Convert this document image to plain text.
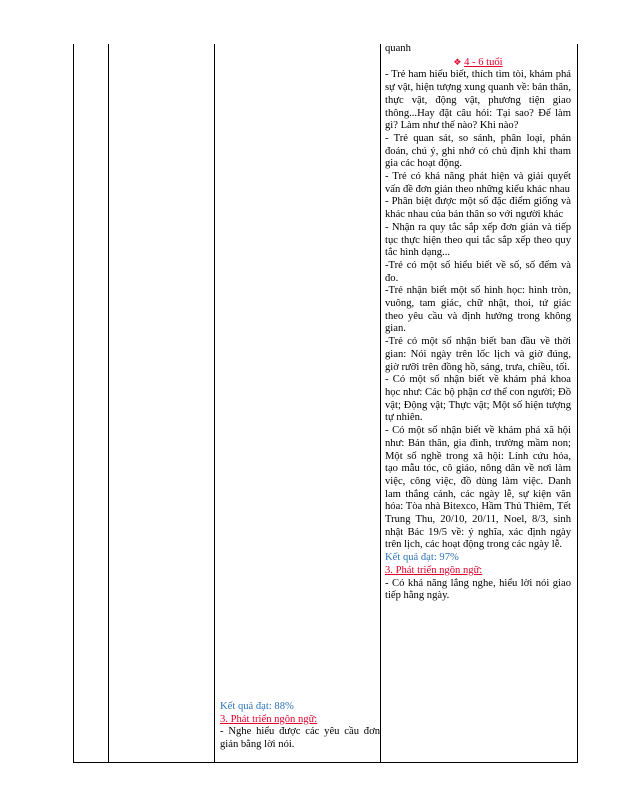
quanh

❖ 4 - 6 tuổi

- Trẻ ham hiểu biết, thích tìm tòi, khám phá sự vật, hiện tượng xung quanh về: bản thân, thực vật, động vật, phương tiện giao thông...Hay đặt câu hỏi: Tại sao? Để làm gì? Làm như thế nào? Khi nào?

- Trẻ quan sát, so sánh, phân loại, phán đoán, chú ý, ghi nhớ có chủ định khi tham gia các hoạt động.

- Trẻ có khả năng phát hiện và giải quyết vấn đề đơn giản theo những kiểu khác nhau

- Phân biệt được một số đặc điểm giống và khác nhau của bản thân so với người khác

- Nhận ra quy tắc sắp xếp đơn giản và tiếp tục thực hiện theo qui tắc sắp xếp theo quy tắc hình dạng...

-Trẻ có một số hiểu biết về số, số đếm và đo.

-Trẻ nhận biết một số hình học: hình tròn, vuông, tam giác, chữ nhật, thoi, tứ giác theo yêu cầu và định hướng trong không gian.

-Trẻ có một số nhận biết ban đầu về thời gian: Nói ngày trên lốc lịch và giờ đúng, giờ rưỡi trên đồng hồ, sáng, trưa, chiều, tối.

- Có một số nhận biết về khám phá khoa học như: Các bộ phận cơ thể con người; Đồ vật; Động vật; Thực vật; Một số hiện tượng tự nhiên.

- Có một số nhận biết về khám phá xã hội như: Bản thân, gia đình, trường mầm non; Một số nghề trong xã hội: Lính cứu hỏa, tạo mẫu tóc, cô giáo, nông dân về nơi làm việc, công việc, đồ dùng làm việc. Danh lam thắng cảnh, các ngày lễ, sự kiện văn hóa: Tòa nhà Bitexco, Hầm Thủ Thiêm, Tết Trung Thu, 20/10, 20/11, Noel, 8/3, sinh nhật Bác 19/5 về: ý nghĩa, xác định ngày trên lịch, các hoạt động trong các ngày lễ.

Kết quả đạt: 97%

3. Phát triển ngôn ngữ:

- Có khả năng lắng nghe, hiểu lời nói giao tiếp hằng ngày.

Kết quả đạt: 88%

3. Phát triển ngôn ngữ:

- Nghe hiểu được các yêu cầu đơn giản bằng lời nói.
